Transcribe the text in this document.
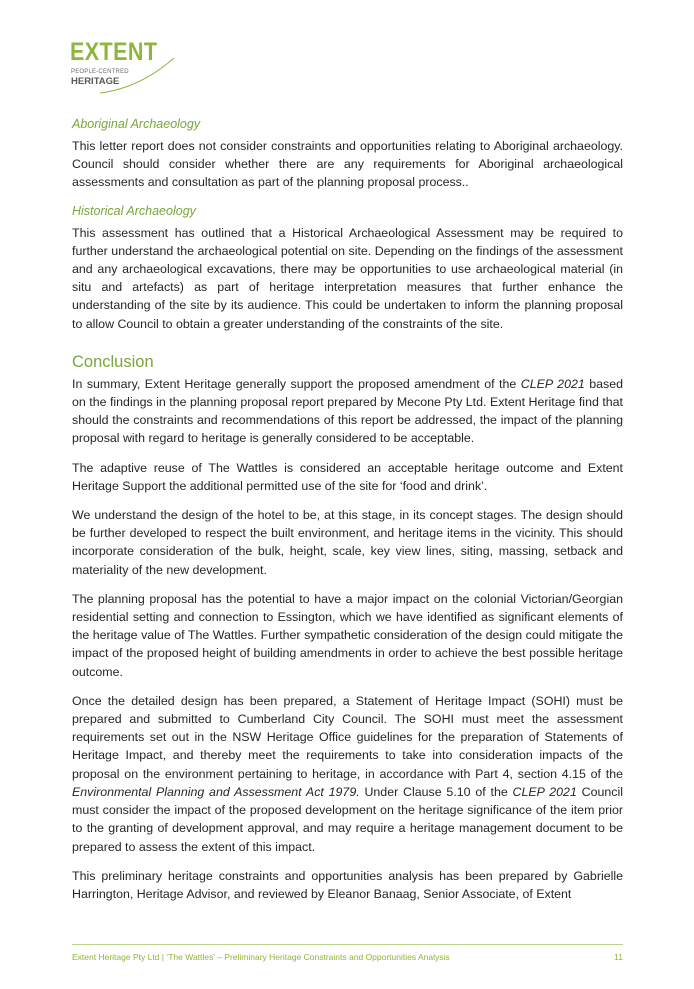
EXTENT
PEOPLE-CENTRED
HERITAGE
Aboriginal Archaeology

This letter report does not consider constraints and opportunities relating to Aboriginal archaeology. Council should consider whether there are any requirements for Aboriginal archaeological assessments and consultation as part of the planning proposal process..

Historical Archaeology

This assessment has outlined that a Historical Archaeological Assessment may be required to further understand the archaeological potential on site. Depending on the findings of the assessment and any archaeological excavations, there may be opportunities to use archaeological material (in situ and artefacts) as part of heritage interpretation measures that further enhance the understanding of the site by its audience. This could be undertaken to inform the planning proposal to allow Council to obtain a greater understanding of the constraints of the site.

Conclusion

In summary, Extent Heritage generally support the proposed amendment of the CLEP 2021 based on the findings in the planning proposal report prepared by Mecone Pty Ltd. Extent Heritage find that should the constraints and recommendations of this report be addressed, the impact of the planning proposal with regard to heritage is generally considered to be acceptable.

The adaptive reuse of The Wattles is considered an acceptable heritage outcome and Extent Heritage Support the additional permitted use of the site for ‘food and drink’.

We understand the design of the hotel to be, at this stage, in its concept stages. The design should be further developed to respect the built environment, and heritage items in the vicinity. This should incorporate consideration of the bulk, height, scale, key view lines, siting, massing, setback and materiality of the new development.

The planning proposal has the potential to have a major impact on the colonial Victorian/Georgian residential setting and connection to Essington, which we have identified as significant elements of the heritage value of The Wattles. Further sympathetic consideration of the design could mitigate the impact of the proposed height of building amendments in order to achieve the best possible heritage outcome.

Once the detailed design has been prepared, a Statement of Heritage Impact (SOHI) must be prepared and submitted to Cumberland City Council. The SOHI must meet the assessment requirements set out in the NSW Heritage Office guidelines for the preparation of Statements of Heritage Impact, and thereby meet the requirements to take into consideration impacts of the proposal on the environment pertaining to heritage, in accordance with Part 4, section 4.15 of the Environmental Planning and Assessment Act 1979. Under Clause 5.10 of the CLEP 2021 Council must consider the impact of the proposed development on the heritage significance of the item prior to the granting of development approval, and may require a heritage management document to be prepared to assess the extent of this impact.

This preliminary heritage constraints and opportunities analysis has been prepared by Gabrielle Harrington, Heritage Advisor, and reviewed by Eleanor Banaag, Senior Associate, of Extent

Extent Heritage Pty Ltd | ‘The Wattles’ – Preliminary Heritage Constraints and Opportunities Analysis	11
